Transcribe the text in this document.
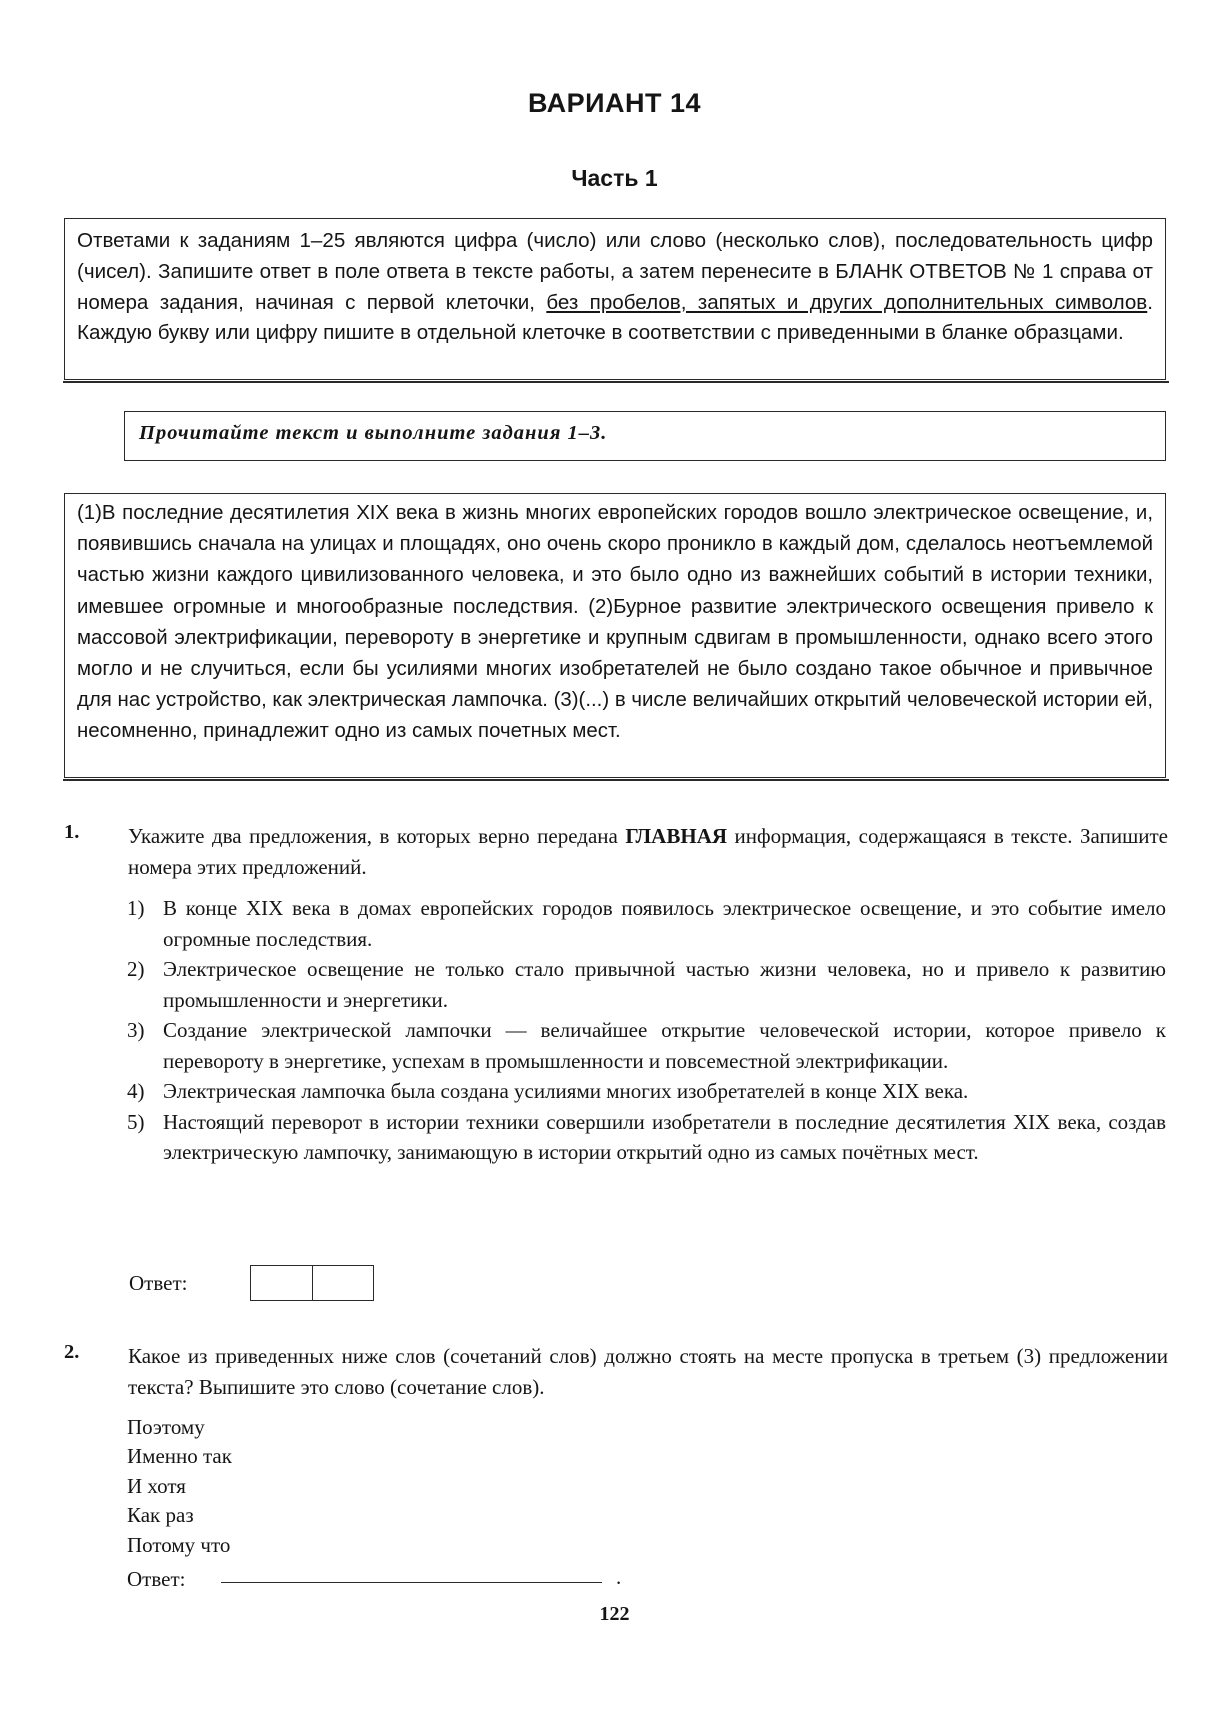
ВАРИАНТ 14
Часть 1
Ответами к заданиям 1–25 являются цифра (число) или слово (несколько слов), последовательность цифр (чисел). Запишите ответ в поле ответа в тексте работы, а затем перенесите в БЛАНК ОТВЕТОВ № 1 справа от номера задания, начиная с первой клеточки, без пробелов, запятых и других дополнительных символов. Каждую букву или цифру пишите в отдельной клеточке в соответствии с приведенными в бланке образцами.
Прочитайте текст и выполните задания 1–3.
(1)В последние десятилетия XIX века в жизнь многих европейских городов вошло электрическое освещение, и, появившись сначала на улицах и площадях, оно очень скоро проникло в каждый дом, сделалось неотъемлемой частью жизни каждого цивилизованного человека, и это было одно из важнейших событий в истории техники, имевшее огромные и многообразные последствия. (2)Бурное развитие электрического освещения привело к массовой электрификации, перевороту в энергетике и крупным сдвигам в промышленности, однако всего этого могло и не случиться, если бы усилиями многих изобретателей не было создано такое обычное и привычное для нас устройство, как электрическая лампочка. (3)(...) в числе величайших открытий человеческой истории ей, несомненно, принадлежит одно из самых почетных мест.
1. Укажите два предложения, в которых верно передана ГЛАВНАЯ информация, содержащаяся в тексте. Запишите номера этих предложений.
1) В конце XIX века в домах европейских городов появилось электрическое освещение, и это событие имело огромные последствия.
2) Электрическое освещение не только стало привычной частью жизни человека, но и привело к развитию промышленности и энергетики.
3) Создание электрической лампочки — величайшее открытие человеческой истории, которое привело к перевороту в энергетике, успехам в промышленности и повсеместной электрификации.
4) Электрическая лампочка была создана усилиями многих изобретателей в конце XIX века.
5) Настоящий переворот в истории техники совершили изобретатели в последние десятилетия XIX века, создав электрическую лампочку, занимающую в истории открытий одно из самых почётных мест.
Ответ:
2. Какое из приведенных ниже слов (сочетаний слов) должно стоять на месте пропуска в третьем (3) предложении текста? Выпишите это слово (сочетание слов).
Поэтому
Именно так
И хотя
Как раз
Потому что
Ответ:	.
122
